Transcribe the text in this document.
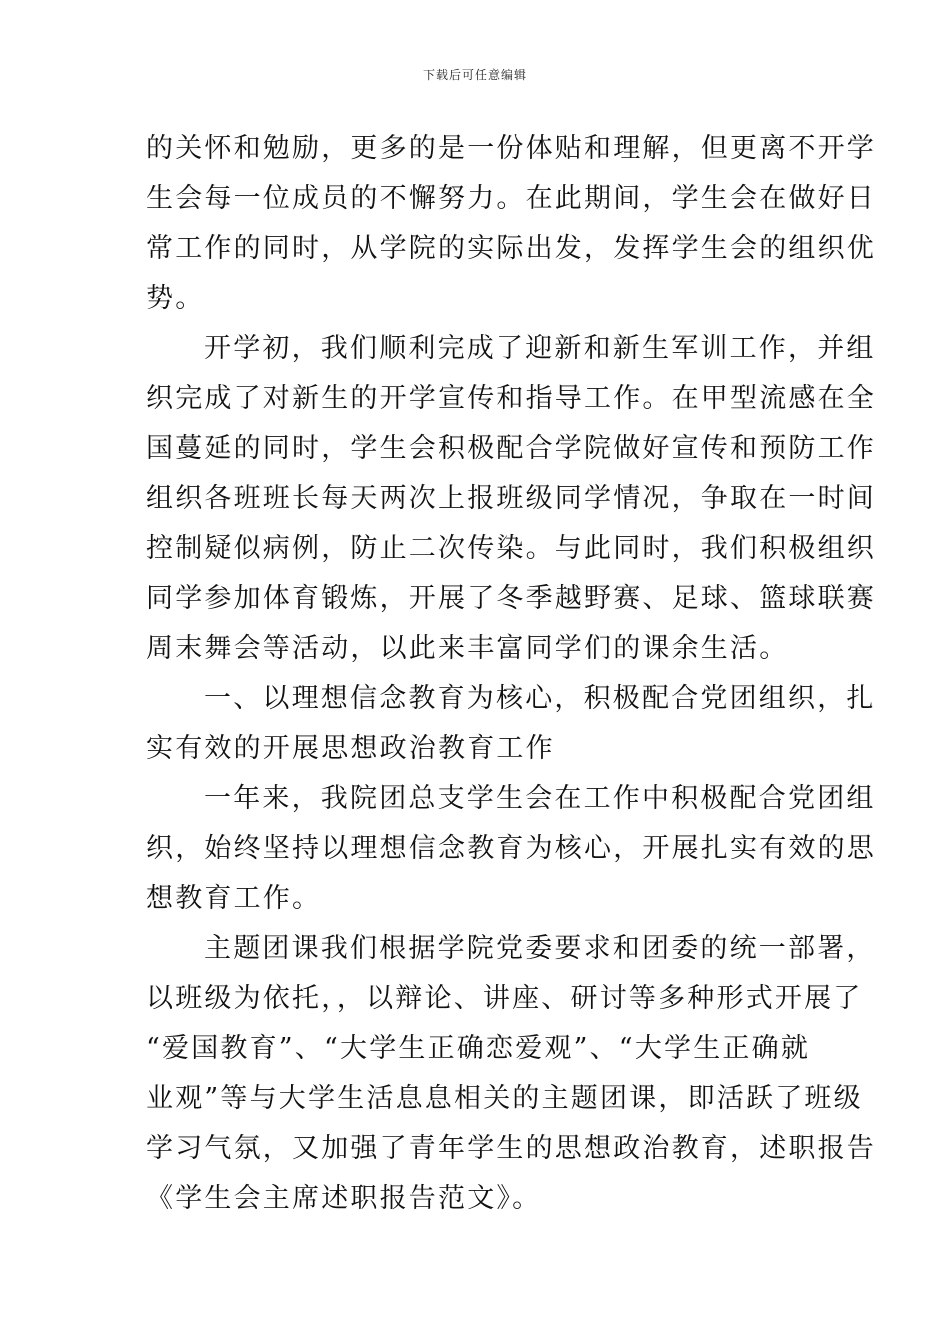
下载后可任意编辑
的关怀和勉励，更多的是一份体贴和理解，但更离不开学
生会每一位成员的不懈努力。在此期间，学生会在做好日
常工作的同时，从学院的实际出发，发挥学生会的组织优
势。
开学初，我们顺利完成了迎新和新生军训工作，并组
织完成了对新生的开学宣传和指导工作。在甲型流感在全
国蔓延的同时，学生会积极配合学院做好宣传和预防工作
组织各班班长每天两次上报班级同学情况，争取在一时间
控制疑似病例，防止二次传染。与此同时，我们积极组织
同学参加体育锻炼，开展了冬季越野赛、足球、篮球联赛
周末舞会等活动，以此来丰富同学们的课余生活。
一、以理想信念教育为核心，积极配合党团组织，扎
实有效的开展思想政治教育工作
一年来，我院团总支学生会在工作中积极配合党团组
织，始终坚持以理想信念教育为核心，开展扎实有效的思
想教育工作。
主题团课我们根据学院党委要求和团委的统一部署，
以班级为依托，，以辩论、讲座、研讨等多种形式开展了
“爱国教育”、“大学生正确恋爱观”、“大学生正确就
业观”等与大学生活息息相关的主题团课，即活跃了班级
学习气氛，又加强了青年学生的思想政治教育，述职报告
《学生会主席述职报告范文》。
